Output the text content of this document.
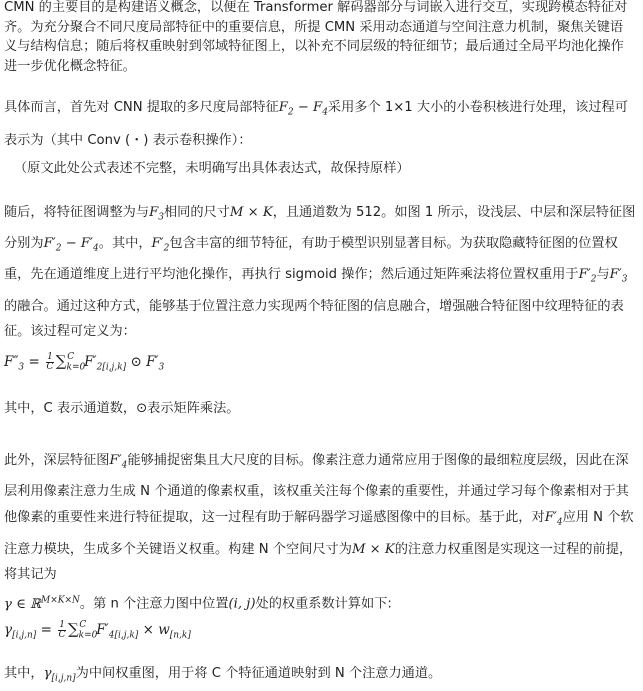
CMN 的主要目的是构建语义概念，以便在 Transformer 解码器部分与词嵌入进行交互，实现跨模态特征对齐。为充分聚合不同尺度局部特征中的重要信息，所提 CMN 采用动态通道与空间注意力机制，聚焦关键语义与结构信息；随后将权重映射到邻域特征图上，以补充不同层级的特征细节；最后通过全局平均池化操作进一步优化概念特征。

具体而言，首先对 CNN 提取的多尺度局部特征$F_2 - F_4$采用多个 1×1 大小的小卷积核进行处理，该过程可表示为（其中 Conv (・) 表示卷积操作）：

（原文此处公式表述不完整，未明确写出具体表达式，故保持原样）

随后，将特征图调整为与$F_3$相同的尺寸M × K，且通道数为 512。如图 1 所示，设浅层、中层和深层特征图分别为$F'_2 - F'_4$。其中，$F'_2$包含丰富的细节特征，有助于模型识别显著目标。为获取隐藏特征图的位置权重，先在通道维度上进行平均池化操作，再执行 sigmoid 操作；然后通过矩阵乘法将位置权重用于$F'_2$与$F'_3$的融合。通过这种方式，能够基于位置注意力实现两个特征图的信息融合，增强融合特征图中纹理特征的表征。该过程可定义为：

$F''_3 = \frac{1}{C} \sum_{k=0}^C$ $F'_{2[i,j,k]}$ ⊙ $F'_3$

其中，C 表示通道数，⊙表示矩阵乘法。

此外，深层特征图$F'_4$能够捕捉密集且大尺度的目标。像素注意力通常应用于图像的最细粒度层级，因此在深层利用像素注意力生成 N 个通道的像素权重，该权重关注每个像素的重要性，并通过学习每个像素相对于其他像素的重要性来进行特征提取，这一过程有助于解码器学习遥感图像中的目标。基于此，对$F'_4$应用 N 个软注意力模块，生成多个关键语义权重。构建 N 个空间尺寸为M × K的注意力权重图是实现这一过程的前提，将其记为
γ ∈ ℝ$^{M\times K\times N}$。第 n 个注意力图中位置(i, j)处的权重系数计算如下:

$\gamma_{[i,j,n]} = \frac{1}{C} \sum_{k=0}^C$ $F'_{4[i,j,k]} \times w_{[n,k]}$

其中，$\gamma_{[i,j,n]}$为中间权重图，用于将 C 个特征通道映射到 N 个注意力通道。
